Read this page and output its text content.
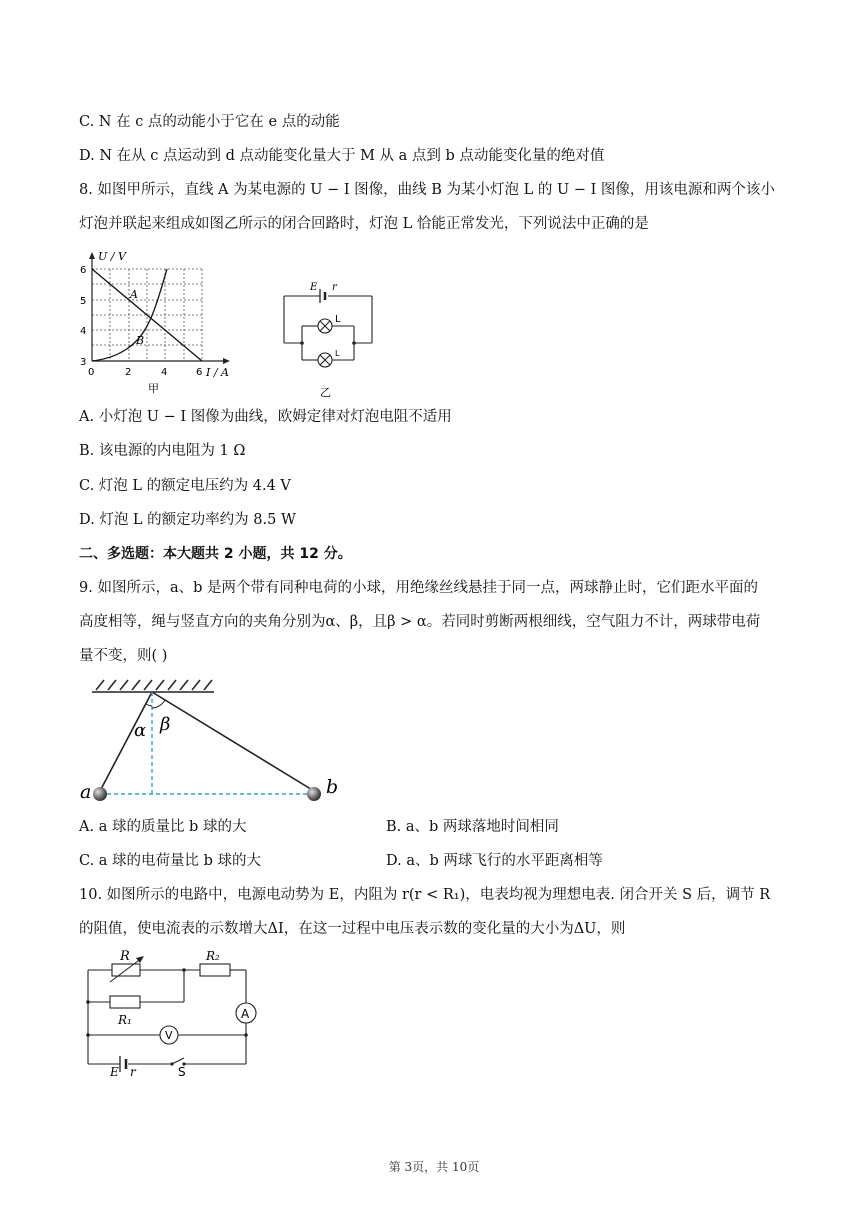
C. N 在 c 点的动能小于它在 e 点的动能
D. N 在从 c 点运动到 d 点动能变化量大于 M 从 a 点到 b 点动能变化量的绝对值
8. 如图甲所示，直线 A 为某电源的 U − I 图像，曲线 B 为某小灯泡 L 的 U − I 图像，用该电源和两个该小
灯泡并联起来组成如图乙所示的闭合回路时，灯泡 L 恰能正常发光，下列说法中正确的是
U / V
I / A
6
5
4
3
0	2	4	6
A
B
甲
E r
L
L
乙
A. 小灯泡 U − I 图像为曲线，欧姆定律对灯泡电阻不适用
B. 该电源的内电阻为 1 Ω
C. 灯泡 L 的额定电压约为 4.4 V
D. 灯泡 L 的额定功率约为 8.5 W
二、多选题：本大题共 2 小题，共 12 分。
9. 如图所示，a、b 是两个带有同种电荷的小球，用绝缘丝线悬挂于同一点，两球静止时，它们距水平面的
高度相等，绳与竖直方向的夹角分别为α、β，且β > α。若同时剪断两根细线，空气阻力不计，两球带电荷
量不变，则( )
α β
a	b
A. a 球的质量比 b 球的大	B. a、b 两球落地时间相同
C. a 球的电荷量比 b 球的大	D. a、b 两球飞行的水平距离相等
10. 如图所示的电路中，电源电动势为 E，内阻为 r(r < R₁)，电表均视为理想电表. 闭合开关 S 后，调节 R
的阻值，使电流表的示数增大ΔI，在这一过程中电压表示数的变化量的大小为ΔU，则
R	R₂
R₁	A
V
E r	S
第 3页，共 10页
